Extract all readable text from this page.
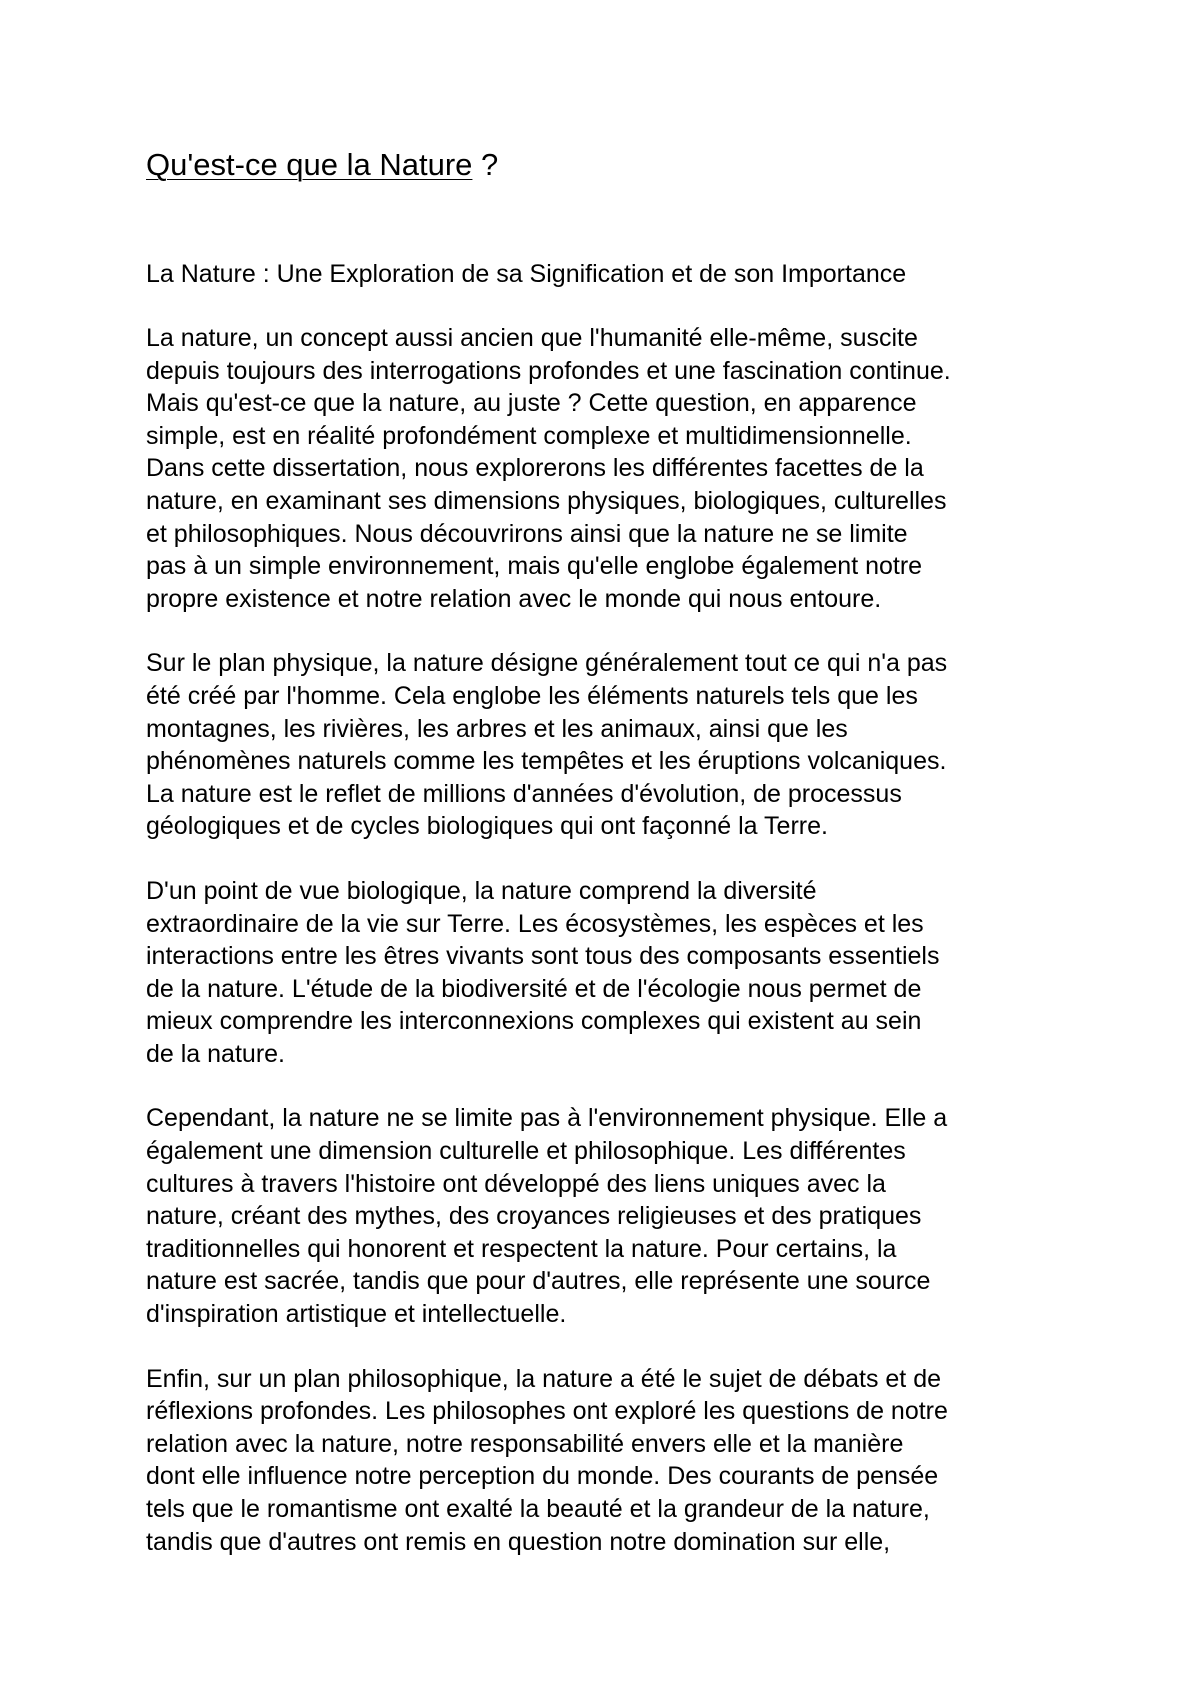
Qu'est-ce que la Nature ?

La Nature : Une Exploration de sa Signification et de son Importance

La nature, un concept aussi ancien que l'humanité elle-même, suscite
depuis toujours des interrogations profondes et une fascination continue.
Mais qu'est-ce que la nature, au juste ? Cette question, en apparence
simple, est en réalité profondément complexe et multidimensionnelle.
Dans cette dissertation, nous explorerons les différentes facettes de la
nature, en examinant ses dimensions physiques, biologiques, culturelles
et philosophiques. Nous découvrirons ainsi que la nature ne se limite
pas à un simple environnement, mais qu'elle englobe également notre
propre existence et notre relation avec le monde qui nous entoure.

Sur le plan physique, la nature désigne généralement tout ce qui n'a pas
été créé par l'homme. Cela englobe les éléments naturels tels que les
montagnes, les rivières, les arbres et les animaux, ainsi que les
phénomènes naturels comme les tempêtes et les éruptions volcaniques.
La nature est le reflet de millions d'années d'évolution, de processus
géologiques et de cycles biologiques qui ont façonné la Terre.

D'un point de vue biologique, la nature comprend la diversité
extraordinaire de la vie sur Terre. Les écosystèmes, les espèces et les
interactions entre les êtres vivants sont tous des composants essentiels
de la nature. L'étude de la biodiversité et de l'écologie nous permet de
mieux comprendre les interconnexions complexes qui existent au sein
de la nature.

Cependant, la nature ne se limite pas à l'environnement physique. Elle a
également une dimension culturelle et philosophique. Les différentes
cultures à travers l'histoire ont développé des liens uniques avec la
nature, créant des mythes, des croyances religieuses et des pratiques
traditionnelles qui honorent et respectent la nature. Pour certains, la
nature est sacrée, tandis que pour d'autres, elle représente une source
d'inspiration artistique et intellectuelle.

Enfin, sur un plan philosophique, la nature a été le sujet de débats et de
réflexions profondes. Les philosophes ont exploré les questions de notre
relation avec la nature, notre responsabilité envers elle et la manière
dont elle influence notre perception du monde. Des courants de pensée
tels que le romantisme ont exalté la beauté et la grandeur de la nature,
tandis que d'autres ont remis en question notre domination sur elle,
